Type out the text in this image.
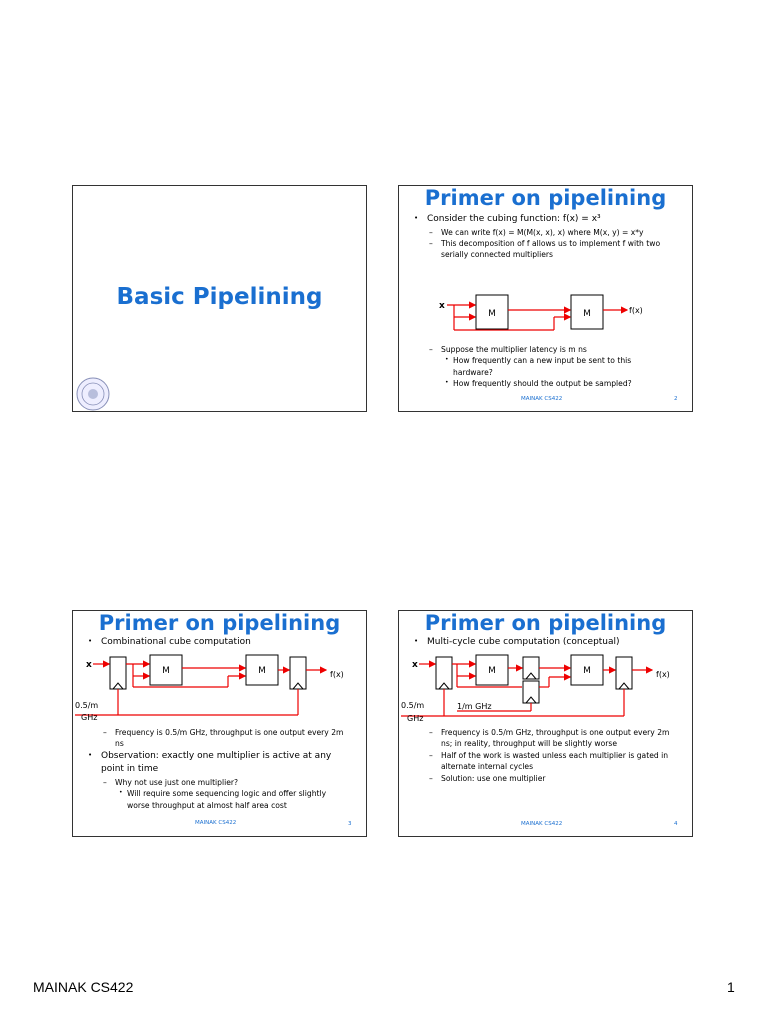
Basic Pipelining
Primer on pipelining

• Consider the cubing function: f(x) = x³

– We can write f(x) = M(M(x, x), x) where M(x, y) = x*y

– This decomposition of f allows us to implement f with two

serially connected multipliers

x
M	M	f(x)

– Suppose the multiplier latency is m ns

• How frequently can a new input be sent to this

hardware?

• How frequently should the output be sampled?

MAINAK CS422	2
Primer on pipelining

• Combinational cube computation

x
M	M	f(x)
0.5/m
GHz

– Frequency is 0.5/m GHz, throughput is one output every 2m

ns

• Observation: exactly one multiplier is active at any

point in time

– Why not use just one multiplier?

• Will require some sequencing logic and offer slightly

worse throughput at almost half area cost

MAINAK CS422	3
Primer on pipelining

• Multi-cycle cube computation (conceptual)

x
M	M	f(x)
0.5/m
GHz
1/m GHz

– Frequency is 0.5/m GHz, throughput is one output every 2m

ns; in reality, throughput will be slightly worse

– Half of the work is wasted unless each multiplier is gated in

alternate internal cycles

– Solution: use one multiplier

MAINAK CS422	4
MAINAK CS422	1
